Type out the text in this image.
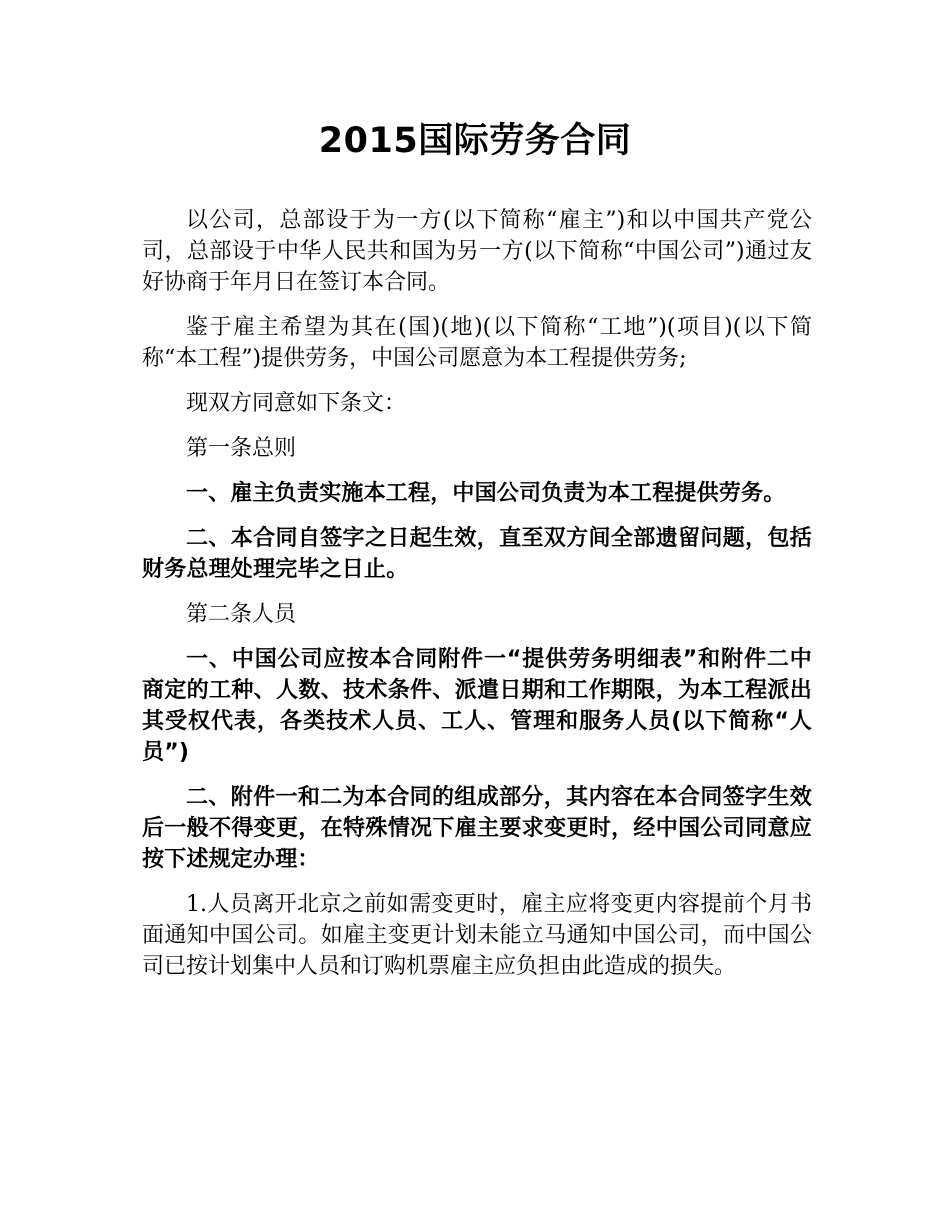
2015国际劳务合同

以公司，总部设于为一方(以下简称“雇主”)和以中国共产党公司，总部设于中华人民共和国为另一方(以下简称“中国公司”)通过友好协商于年月日在签订本合同。

鉴于雇主希望为其在(国)(地)(以下简称“工地”)(项目)(以下简称“本工程”)提供劳务，中国公司愿意为本工程提供劳务;

现双方同意如下条文：

第一条总则

一、雇主负责实施本工程，中国公司负责为本工程提供劳务。

二、本合同自签字之日起生效，直至双方间全部遗留问题，包括财务总理处理完毕之日止。

第二条人员

一、中国公司应按本合同附件一“提供劳务明细表”和附件二中商定的工种、人数、技术条件、派遣日期和工作期限，为本工程派出其受权代表，各类技术人员、工人、管理和服务人员(以下简称“人员”)

二、附件一和二为本合同的组成部分，其内容在本合同签字生效后一般不得变更，在特殊情况下雇主要求变更时，经中国公司同意应按下述规定办理：

1.人员离开北京之前如需变更时，雇主应将变更内容提前个月书面通知中国公司。如雇主变更计划未能立马通知中国公司，而中国公司已按计划集中人员和订购机票雇主应负担由此造成的损失。
